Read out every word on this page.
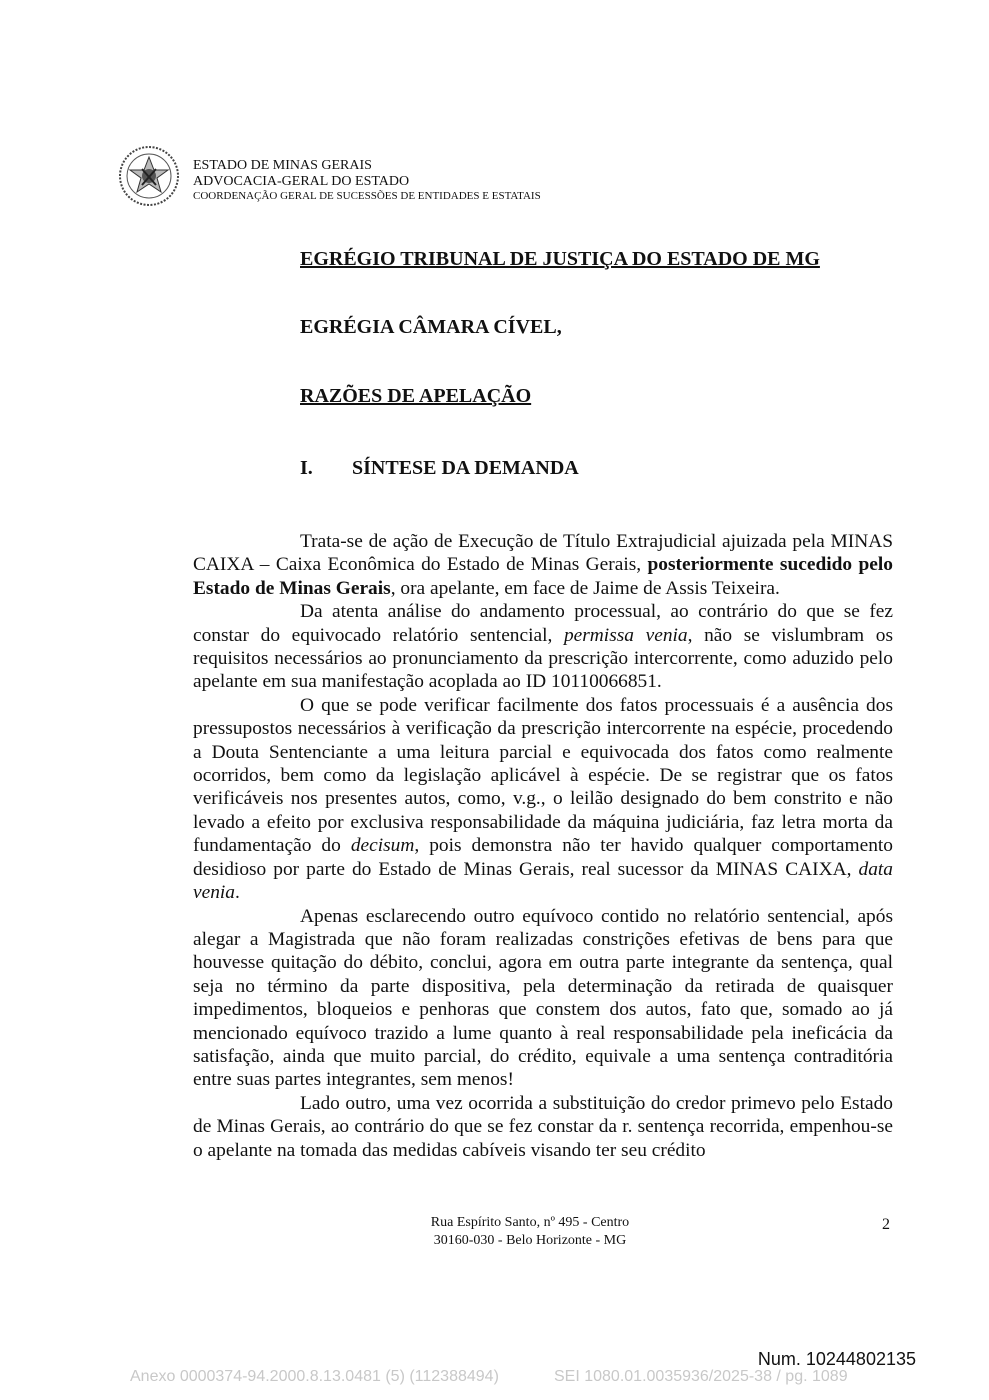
ESTADO DE MINAS GERAIS
ADVOCACIA-GERAL DO ESTADO
COORDENAÇÃO GERAL DE SUCESSÕES DE ENTIDADES E ESTATAIS
EGRÉGIO TRIBUNAL DE JUSTIÇA DO ESTADO DE MG
EGRÉGIA CÂMARA CÍVEL,
RAZÕES DE APELAÇÃO
I. SÍNTESE DA DEMANDA

Trata-se de ação de Execução de Título Extrajudicial ajuizada pela MINAS CAIXA – Caixa Econômica do Estado de Minas Gerais, posteriormente sucedido pelo Estado de Minas Gerais, ora apelante, em face de Jaime de Assis Teixeira.

Da atenta análise do andamento processual, ao contrário do que se fez constar do equivocado relatório sentencial, permissa venia, não se vislumbram os requisitos necessários ao pronunciamento da prescrição intercorrente, como aduzido pelo apelante em sua manifestação acoplada ao ID 10110066851.

O que se pode verificar facilmente dos fatos processuais é a ausência dos pressupostos necessários à verificação da prescrição intercorrente na espécie, procedendo a Douta Sentenciante a uma leitura parcial e equivocada dos fatos como realmente ocorridos, bem como da legislação aplicável à espécie. De se registrar que os fatos verificáveis nos presentes autos, como, v.g., o leilão designado do bem constrito e não levado a efeito por exclusiva responsabilidade da máquina judiciária, faz letra morta da fundamentação do decisum, pois demonstra não ter havido qualquer comportamento desidioso por parte do Estado de Minas Gerais, real sucessor da MINAS CAIXA, data venia.

Apenas esclarecendo outro equívoco contido no relatório sentencial, após alegar a Magistrada que não foram realizadas constrições efetivas de bens para que houvesse quitação do débito, conclui, agora em outra parte integrante da sentença, qual seja no término da parte dispositiva, pela determinação da retirada de quaisquer impedimentos, bloqueios e penhoras que constem dos autos, fato que, somado ao já mencionado equívoco trazido a lume quanto à real responsabilidade pela ineficácia da satisfação, ainda que muito parcial, do crédito, equivale a uma sentença contraditória entre suas partes integrantes, sem menos!

Lado outro, uma vez ocorrida a substituição do credor primevo pelo Estado de Minas Gerais, ao contrário do que se fez constar da r. sentença recorrida, empenhou-se o apelante na tomada das medidas cabíveis visando ter seu crédito

Rua Espírito Santo, nº 495 - Centro
30160-030 - Belo Horizonte - MG
2
Num. 10244802135
Anexo 0000374-94.2000.8.13.0481 (5) (112388494)	SEI 1080.01.0035936/2025-38 / pg. 1089
